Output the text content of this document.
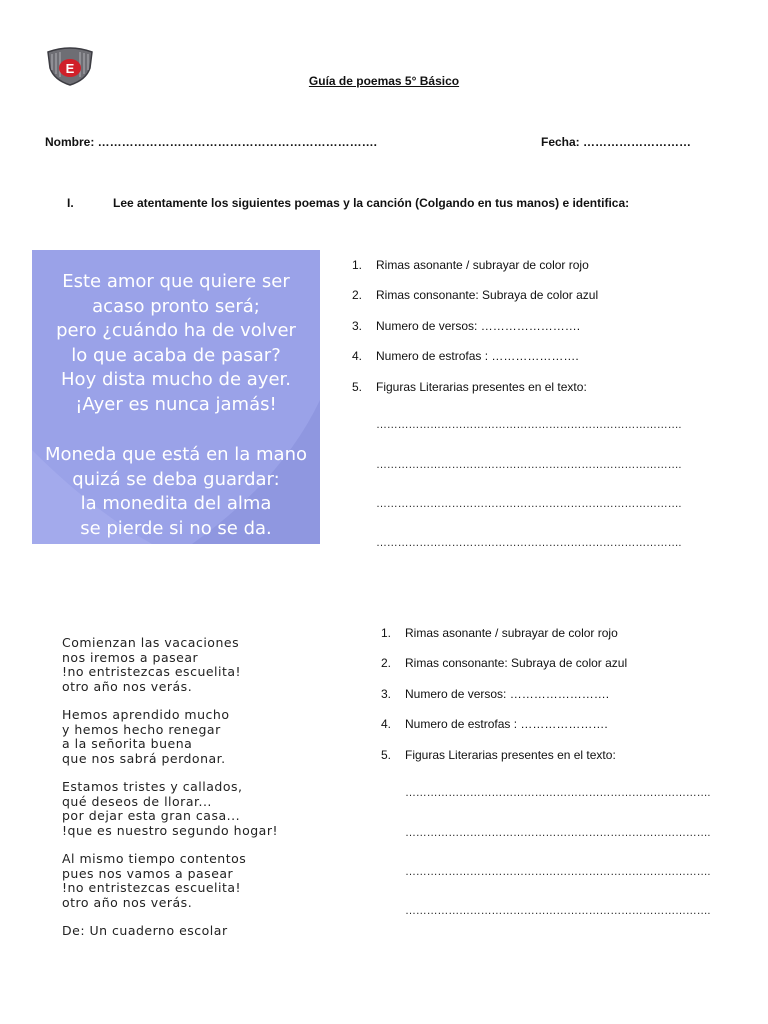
E
Guía de poemas 5° Básico
Nombre: …………………………………………………………….	Fecha: ………………………
I.	Lee atentamente los siguientes poemas y la canción (Colgando en tus manos) e identifica:
Este amor que quiere ser
acaso pronto será;
pero ¿cuándo ha de volver
lo que acaba de pasar?
Hoy dista mucho de ayer.
¡Ayer es nunca jamás!
Moneda que está en la mano
quizá se deba guardar:
la monedita del alma
se pierde si no se da.
1. Rimas asonante / subrayar de color rojo
2. Rimas consonante: Subraya de color azul
3. Numero de versos: …………………….
4. Numero de estrofas : ………………….
5. Figuras Literarias presentes en el texto:
………………………………………………………………………….
………………………………………………………………………….
………………………………………………………………………….
………………………………………………………………………….
Comienzan las vacaciones
nos iremos a pasear
!no entristezcas escuelita!
otro año nos verás.
Hemos aprendido mucho
y hemos hecho renegar
a la señorita buena
que nos sabrá perdonar.
Estamos tristes y callados,
qué deseos de llorar...
por dejar esta gran casa...
!que es nuestro segundo hogar!
Al mismo tiempo contentos
pues nos vamos a pasear
!no entristezcas escuelita!
otro año nos verás.
De: Un cuaderno escolar
1. Rimas asonante / subrayar de color rojo
2. Rimas consonante: Subraya de color azul
3. Numero de versos: …………………….
4. Numero de estrofas : ………………….
5. Figuras Literarias presentes en el texto:
………………………………………………………………………….
………………………………………………………………………….
………………………………………………………………………….
………………………………………………………………………….
